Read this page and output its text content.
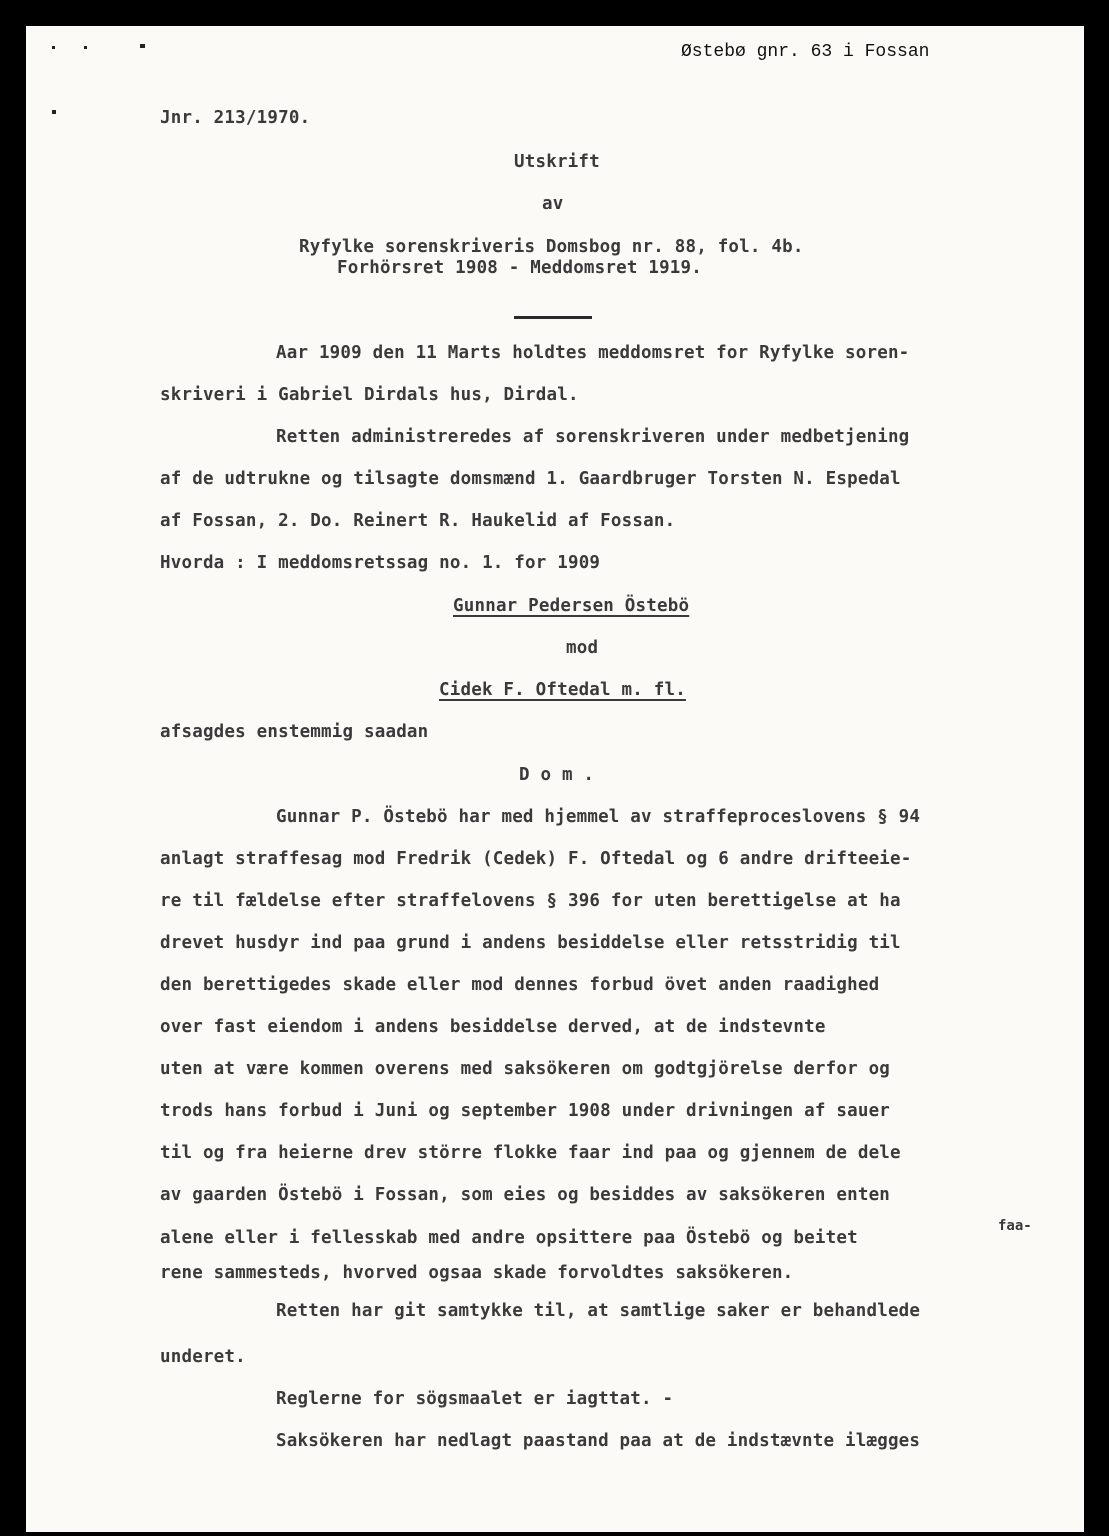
Østebø gnr. 63 i Fossan
Jnr. 213/1970.
Utskrift
av
Ryfylke sorenskriveris Domsbog nr. 88, fol. 4b.
Forhörsret 1908 - Meddomsret 1919.
Aar 1909 den 11 Marts holdtes meddomsret for Ryfylke soren-
skriveri i Gabriel Dirdals hus, Dirdal.
Retten administreredes af sorenskriveren under medbetjening
af de udtrukne og tilsagte domsmænd 1. Gaardbruger Torsten N. Espedal
af Fossan, 2. Do. Reinert R. Haukelid af Fossan.
Hvorda : I meddomsretssag no. 1. for 1909
Gunnar Pedersen Östebö
mod
Cidek F. Oftedal m. fl.
afsagdes enstemmig saadan
D o m .
Gunnar P. Östebö har med hjemmel av straffeproceslovens § 94
anlagt straffesag mod Fredrik (Cedek) F. Oftedal og 6 andre drifteeie-
re til fældelse efter straffelovens § 396 for uten berettigelse at ha
drevet husdyr ind paa grund i andens besiddelse eller retsstridig til
den berettigedes skade eller mod dennes forbud övet anden raadighed
over fast eiendom i andens besiddelse derved, at de indstevnte
uten at være kommen overens med saksökeren om godtgjörelse derfor og
trods hans forbud i Juni og september 1908 under drivningen af sauer
til og fra heierne drev större flokke faar ind paa og gjennem de dele
av gaarden Östebö i Fossan, som eies og besiddes av saksökeren enten
alene eller i fellesskab med andre opsittere paa Östebö og beitet
faa-
rene sammesteds, hvorved ogsaa skade forvoldtes saksökeren.
Retten har git samtykke til, at samtlige saker er behandlede
underet.
Reglerne for sögsmaalet er iagttat. -
Saksökeren har nedlagt paastand paa at de indstævnte ilægges
